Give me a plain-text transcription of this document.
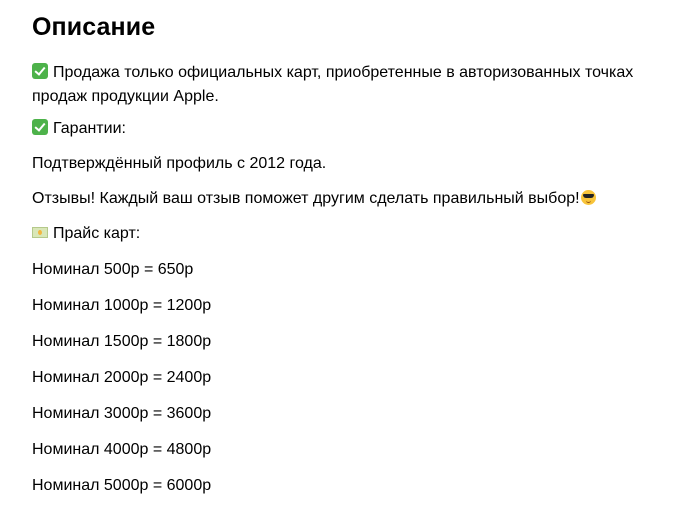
Описание

Продажа только официальных карт, приобретенные в авторизованных точках
продаж продукции Apple.

Гарантии:

Подтверждённый профиль с 2012 года.

Отзывы! Каждый ваш отзыв поможет другим сделать правильный выбор!

Прайс карт:

Номинал 500р = 650р

Номинал 1000р = 1200р

Номинал 1500р = 1800р

Номинал 2000р = 2400р

Номинал 3000р = 3600р

Номинал 4000р = 4800р

Номинал 5000р = 6000р
